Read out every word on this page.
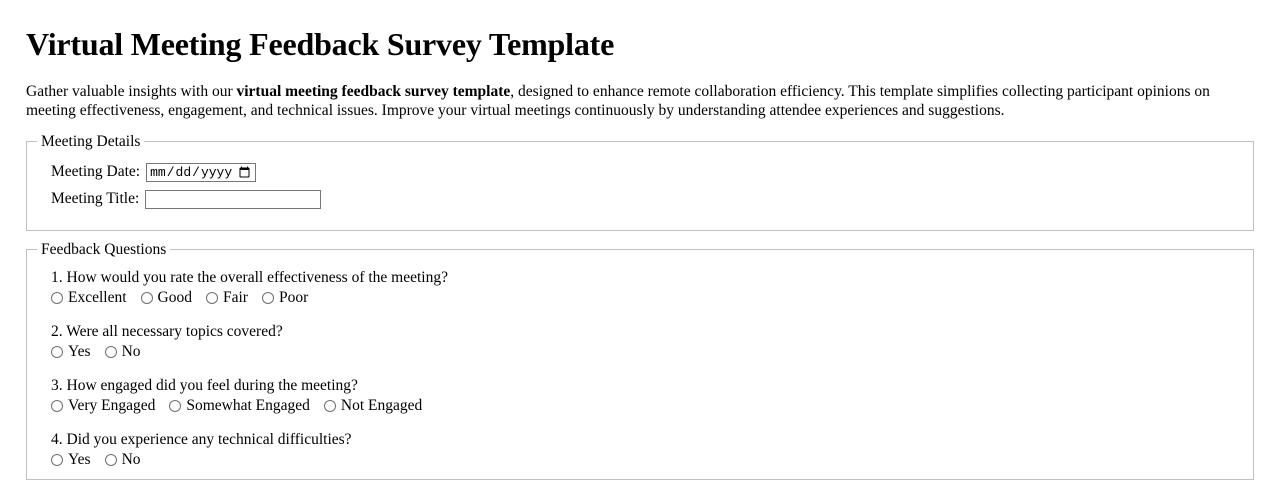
Virtual Meeting Feedback Survey Template

Gather valuable insights with our virtual meeting feedback survey template, designed to enhance remote collaboration efficiency. This template simplifies collecting participant opinions on meeting effectiveness, engagement, and technical issues. Improve your virtual meetings continuously by understanding attendee experiences and suggestions.

Meeting Details
Meeting Date:
Meeting Title:
Feedback Questions
1. How would you rate the overall effectiveness of the meeting?
Excellent Good Fair Poor
2. Were all necessary topics covered?
Yes No
3. How engaged did you feel during the meeting?
Very Engaged Somewhat Engaged Not Engaged
4. Did you experience any technical difficulties?
Yes No
